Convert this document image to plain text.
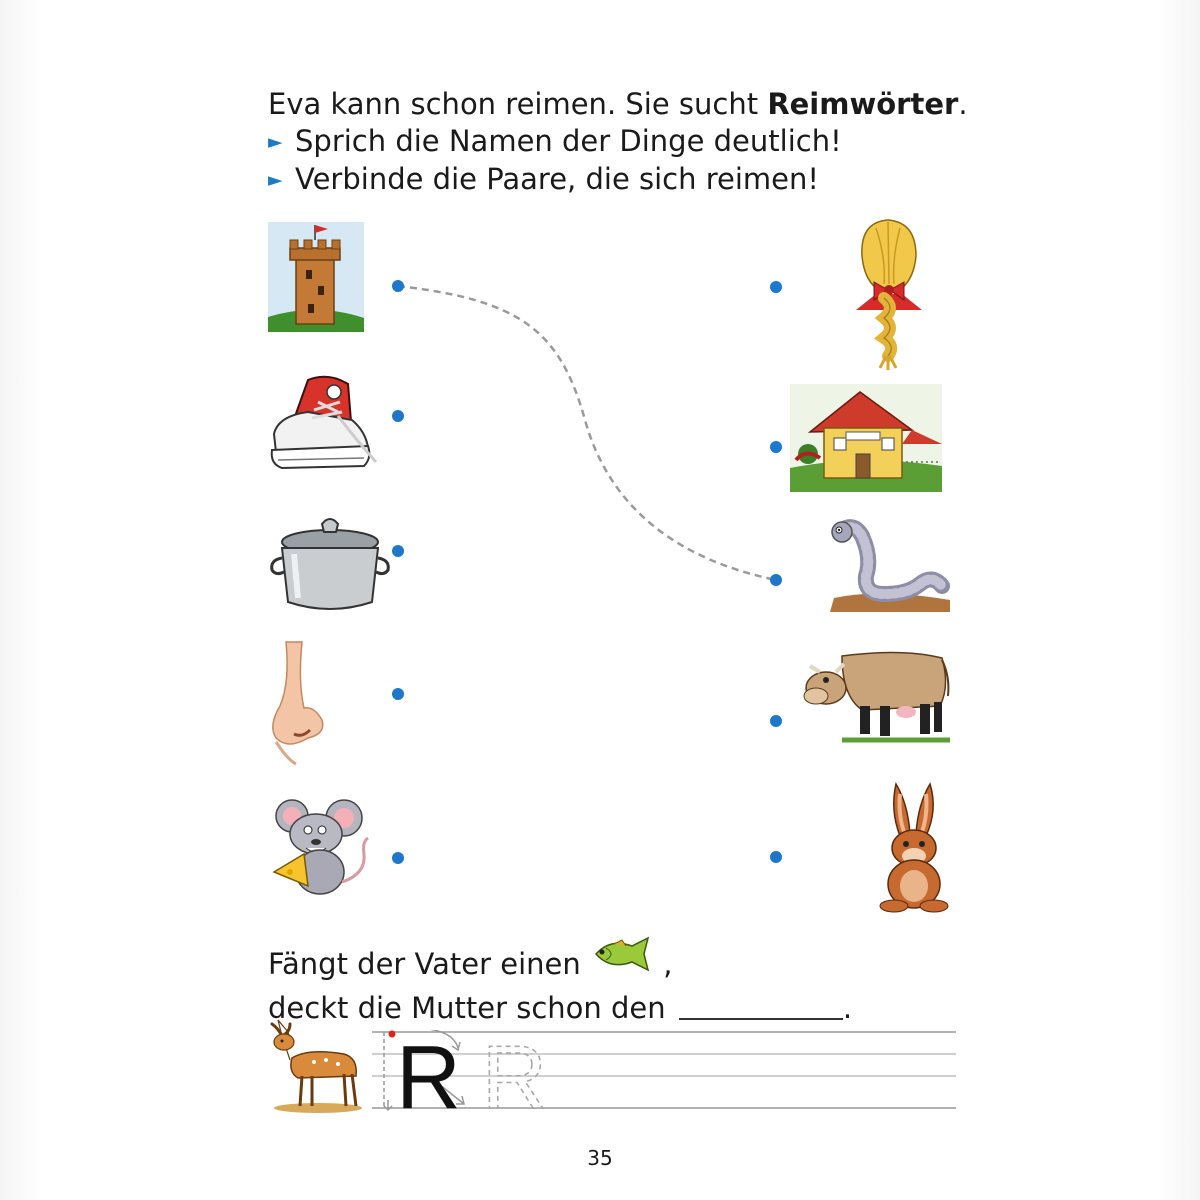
Eva kann schon reimen. Sie sucht Reimwörter.
► Sprich die Namen der Dinge deutlich!
► Verbinde die Paare, die sich reimen!
Fängt der Vater einen  ,
deckt die Mutter schon den	.
R R
35
